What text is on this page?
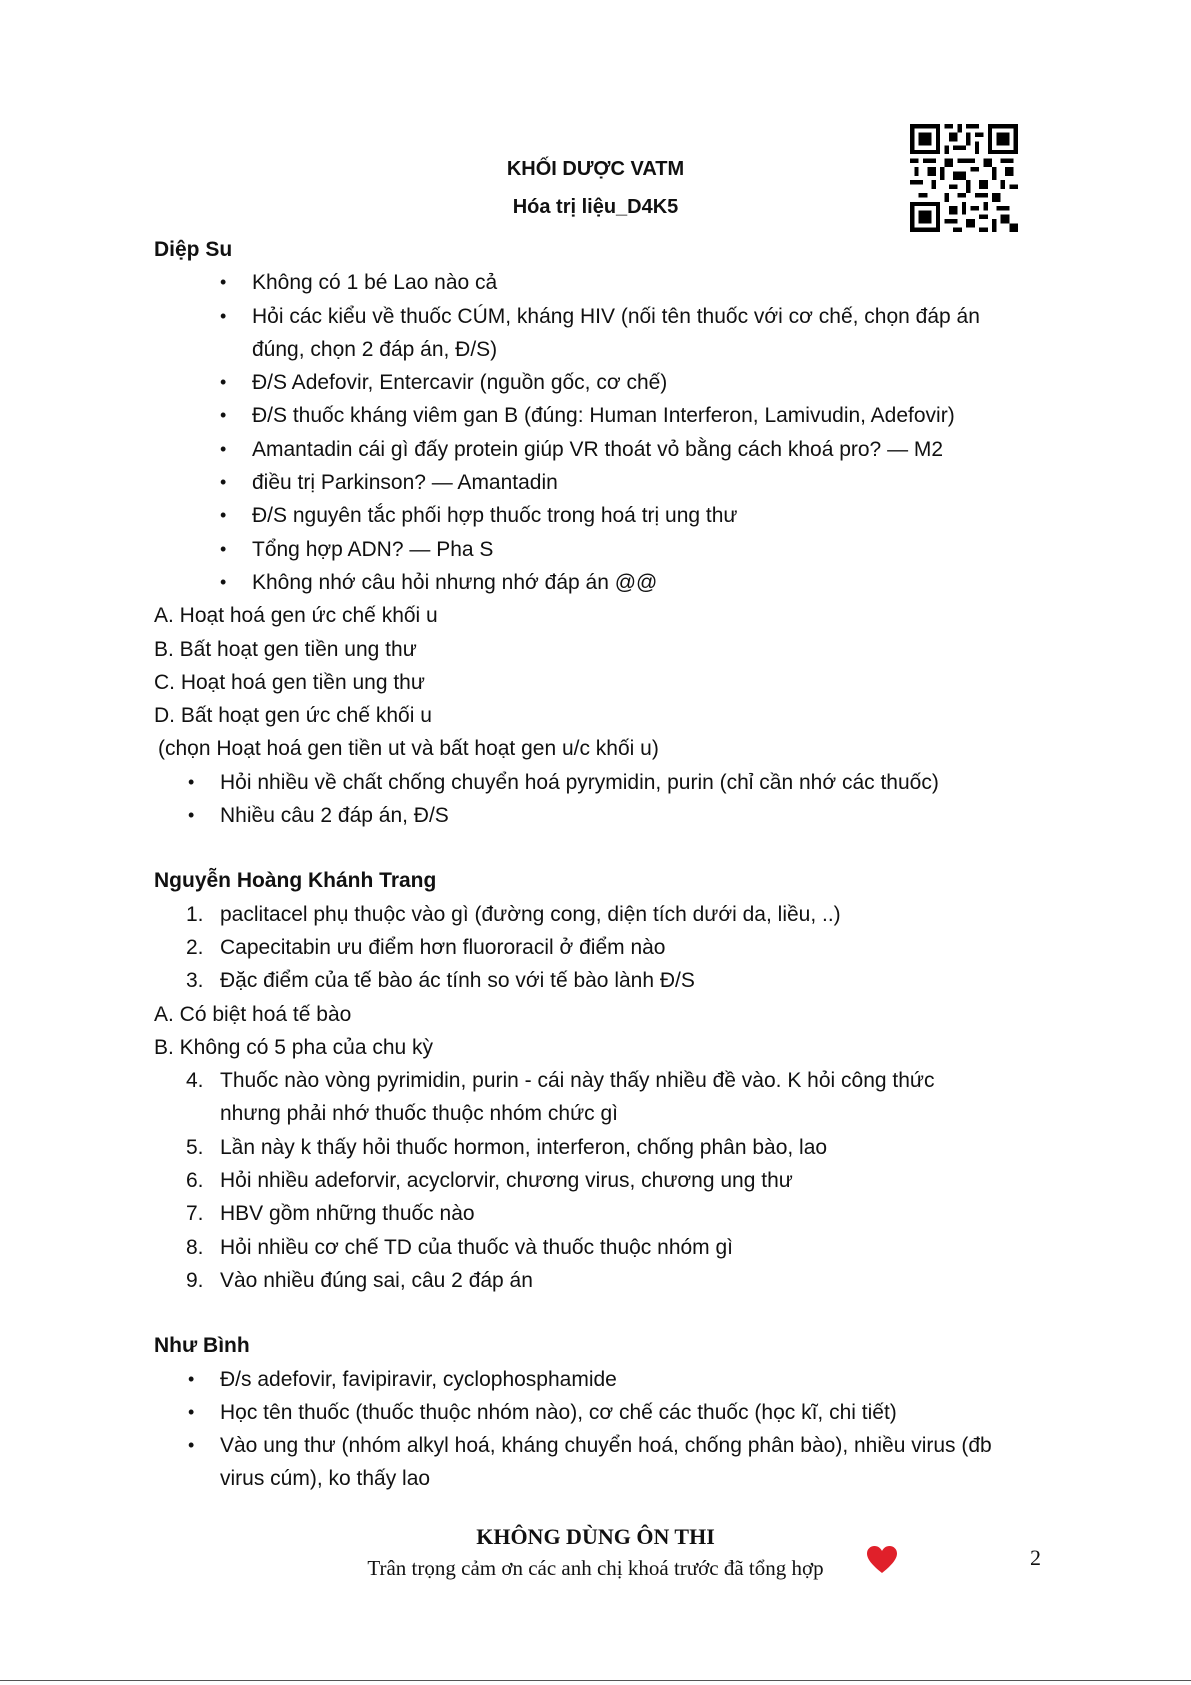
KHỐI DƯỢC VATM
Hóa trị liệu_D4K5
Diệp Su
• Không có 1 bé Lao nào cả
• Hỏi các kiểu về thuốc CÚM, kháng HIV (nối tên thuốc với cơ chế, chọn đáp án
đúng, chọn 2 đáp án, Đ/S)
• Đ/S Adefovir, Entercavir (nguồn gốc, cơ chế)
• Đ/S thuốc kháng viêm gan B (đúng: Human Interferon, Lamivudin, Adefovir)
• Amantadin cái gì đấy protein giúp VR thoát vỏ bằng cách khoá pro? — M2
• điều trị Parkinson? — Amantadin
• Đ/S nguyên tắc phối hợp thuốc trong hoá trị ung thư
• Tổng hợp ADN? — Pha S
• Không nhớ câu hỏi nhưng nhớ đáp án @@
A. Hoạt hoá gen ức chế khối u
B. Bất hoạt gen tiền ung thư
C. Hoạt hoá gen tiền ung thư
D. Bất hoạt gen ức chế khối u
(chọn Hoạt hoá gen tiền ut và bất hoạt gen u/c khối u)
• Hỏi nhiều về chất chống chuyển hoá pyrymidin, purin (chỉ cần nhớ các thuốc)
• Nhiều câu 2 đáp án, Đ/S
Nguyễn Hoàng Khánh Trang
1. paclitacel phụ thuộc vào gì (đường cong, diện tích dưới da, liều, ..)
2. Capecitabin ưu điểm hơn fluororacil ở điểm nào
3. Đặc điểm của tế bào ác tính so với tế bào lành Đ/S
A. Có biệt hoá tế bào
B. Không có 5 pha của chu kỳ
4. Thuốc nào vòng pyrimidin, purin - cái này thấy nhiều đề vào. K hỏi công thức
nhưng phải nhớ thuốc thuộc nhóm chức gì
5. Lần này k thấy hỏi thuốc hormon, interferon, chống phân bào, lao
6. Hỏi nhiều adeforvir, acyclorvir, chương virus, chương ung thư
7. HBV gồm những thuốc nào
8. Hỏi nhiều cơ chế TD của thuốc và thuốc thuộc nhóm gì
9. Vào nhiều đúng sai, câu 2 đáp án
Như Bình
• Đ/s adefovir, favipiravir, cyclophosphamide
• Học tên thuốc (thuốc thuộc nhóm nào), cơ chế các thuốc (học kĩ, chi tiết)
• Vào ung thư (nhóm alkyl hoá, kháng chuyển hoá, chống phân bào), nhiều virus (đb
virus cúm), ko thấy lao
KHÔNG DÙNG ÔN THI
Trân trọng cảm ơn các anh chị khoá trước đã tổng hợp	2
